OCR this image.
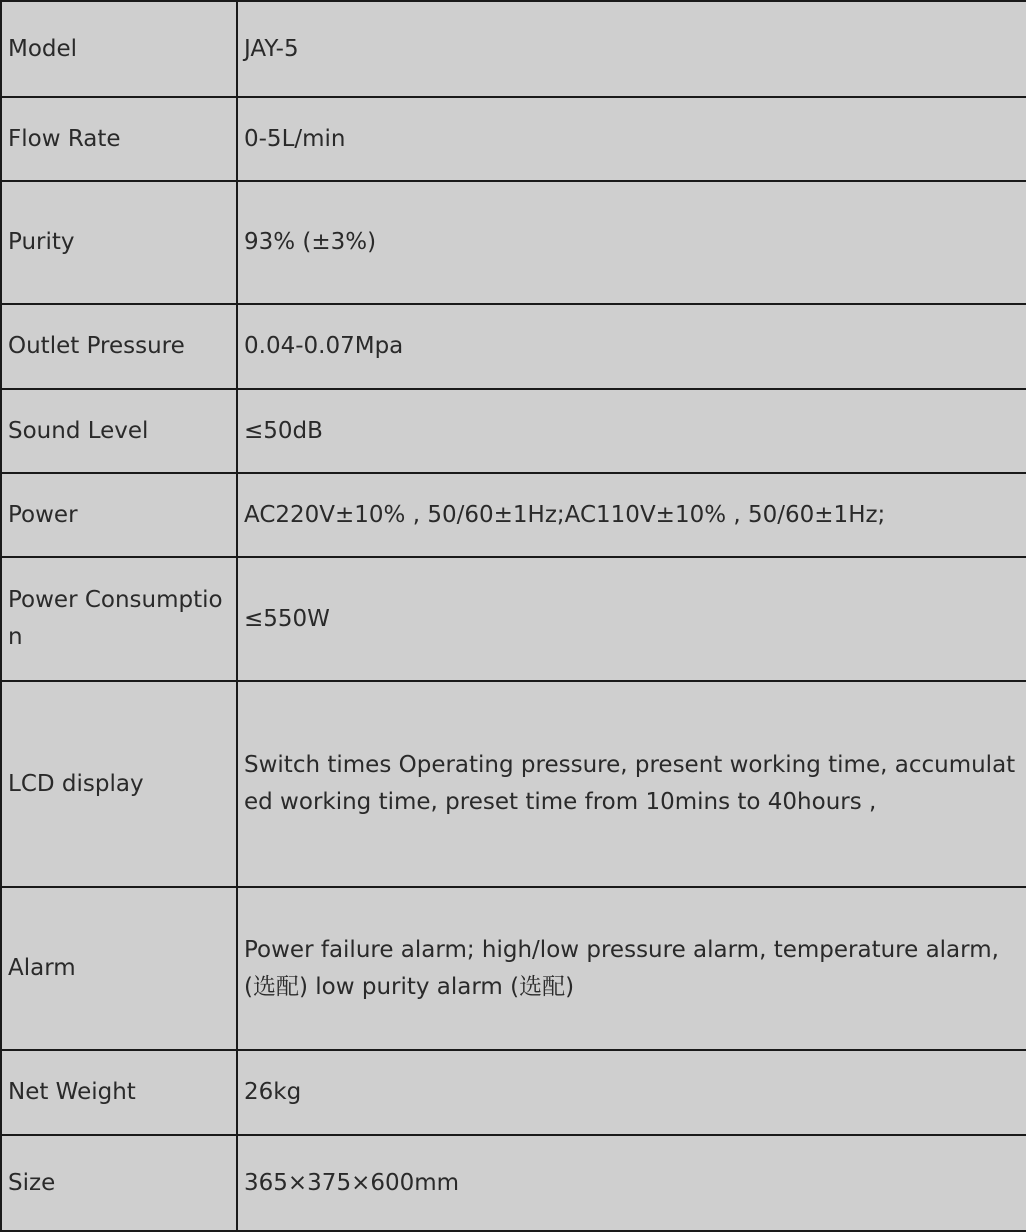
Model	JAY-5
Flow Rate	0-5L/min
Purity	93% (±3%)
Outlet Pressure	0.04-0.07Mpa
Sound Level	≤50dB
Power	AC220V±10% , 50/60±1Hz;AC110V±10% , 50/60±1Hz;
Power Consumption	≤550W
LCD display	Switch times Operating pressure, present working time, accumulated working time, preset time from 10mins to 40hours ,
Alarm	Power failure alarm; high/low pressure alarm, temperature alarm,(选配) low purity alarm (选配)
Net Weight	26kg
Size	365×375×600mm
